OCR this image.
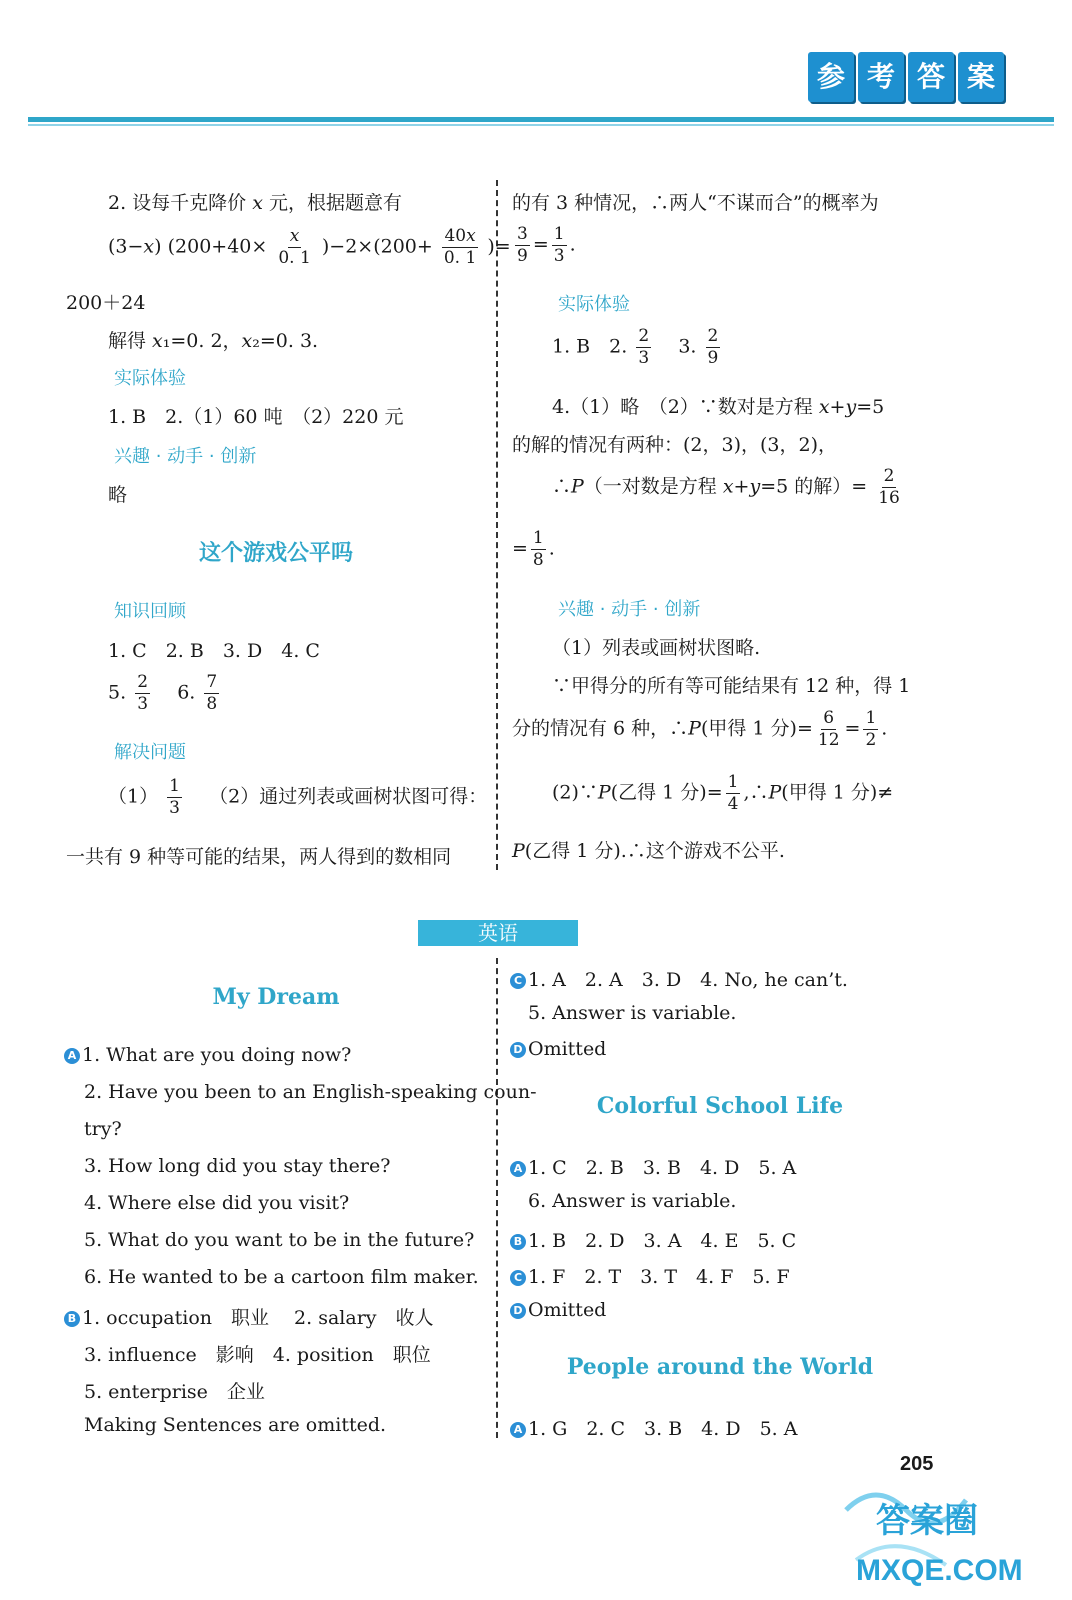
参 考 答 案
2. 设每千克降价 𝑥 元，根据题意有
(3−𝑥) $(200+40\times \frac{\text{𝑥}}{0. 1} )-2\times(200+ \frac{\text{40𝑥}}{0. 1}$ )=
200＋24
解得 𝑥₁=0. 2，𝑥₂=0. 3.
实际体验
1. B　2.（1）60 吨　（2）220 元
兴趣 · 动手 · 创新
略
这个游戏公平吗
知识回顾
1. C　2. B　3. D　4. C
5. $\frac{2}{3} 6$. $\frac{7}{8}$
解决问题
$(1) \frac{1}{3} (2)$通过列表或画树状图可得：
一共有 9 种等可能的结果，两人得到的数相同
的有 3 种情况，∴两人“不谋而合”的概率为
$\frac{3}{9} = \frac{1}{3}$ .
实际体验
1. B　2. $\frac{2}{3} 3$. $\frac{2}{9}$
4.（1）略　（2）∵数对是方程 𝑥+𝑦=5
的解的情况有两种：(2，3)，(3，2)，
∴𝑃（一对数是方程 𝑥+𝑦=5 的解）= $\frac{2}{16}$
= $\frac{1}{8}$ .
兴趣 · 动手 · 创新
（1）列表或画树状图略.
∵甲得分的所有等可能结果有 12 种，得 1
分的情况有 6 种，∴𝑃(甲得 1 分)= $\frac{6}{12} = \frac{1}{2}$ .
(2)∵𝑃(乙得 1 分)= $\frac{1}{4}$ ,∴𝑃(甲得 1 分)≠
𝑃(乙得 1 分).∴这个游戏不公平.
英语
My Dream
A 1. What are you doing now?
2. Have you been to an English-speaking coun-
try?
3. How long did you stay there?
4. Where else did you visit?
5. What do you want to be in the future?
6. He wanted to be a cartoon film maker.
B 1. occupation　职业　 2. salary　收人
3. influence　影响　4. position　职位
5. enterprise　企业
Making Sentences are omitted.
C 1. A　2. A　3. D　4. No, he can’t.
5. Answer is variable.
D Omitted
Colorful School Life
A 1. C　2. B　3. B　4. D　5. A
6. Answer is variable.
B 1. B　2. D　3. A　4. E　5. C
C 1. F　2. T　3. T　4. F　5. F
D Omitted
People around the World
A 1. G　2. C　3. B　4. D　5. A
205
答案圈
MXQE.COM
